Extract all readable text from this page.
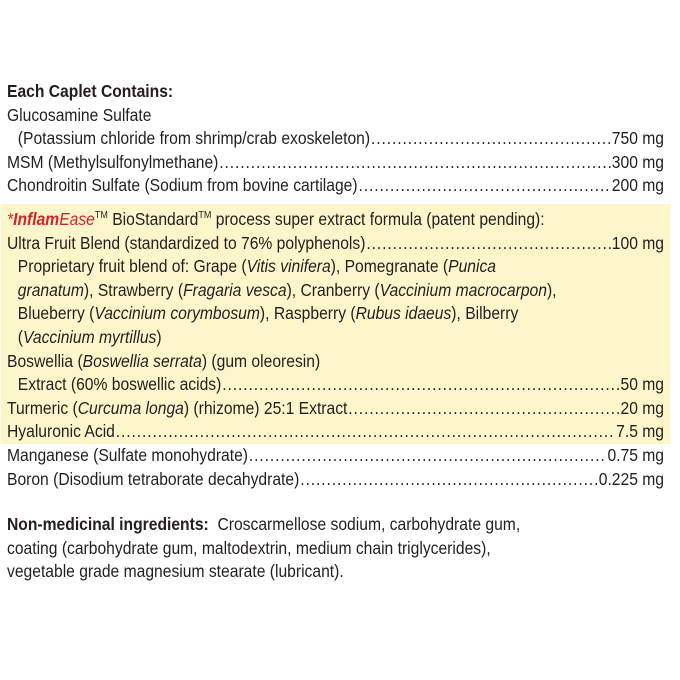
Each Caplet Contains:
Glucosamine Sulfate
(Potassium chloride from shrimp/crab exoskeleton) .....	750 mg
MSM (Methylsulfonylmethane) .....	300 mg
Chondroitin Sulfate (Sodium from bovine cartilage) .....	200 mg
*InflamEase™ BioStandard™ process super extract formula (patent pending):
Ultra Fruit Blend (standardized to 76% polyphenols) .....	100 mg
Proprietary fruit blend of: Grape (Vitis vinifera), Pomegranate (Punica
granatum), Strawberry (Fragaria vesca), Cranberry (Vaccinium macrocarpon),
Blueberry (Vaccinium corymbosum), Raspberry (Rubus idaeus), Bilberry
(Vaccinium myrtillus)
Boswellia (Boswellia serrata) (gum oleoresin)
Extract (60% boswellic acids) .....	50 mg
Turmeric (Curcuma longa) (rhizome) 25:1 Extract .....	20 mg
Hyaluronic Acid .....	7.5 mg
Manganese (Sulfate monohydrate) .....	0.75 mg
Boron (Disodium tetraborate decahydrate) .....	0.225 mg
Non-medicinal ingredients:  Croscarmellose sodium, carbohydrate gum,
coating (carbohydrate gum, maltodextrin, medium chain triglycerides),
vegetable grade magnesium stearate (lubricant).
